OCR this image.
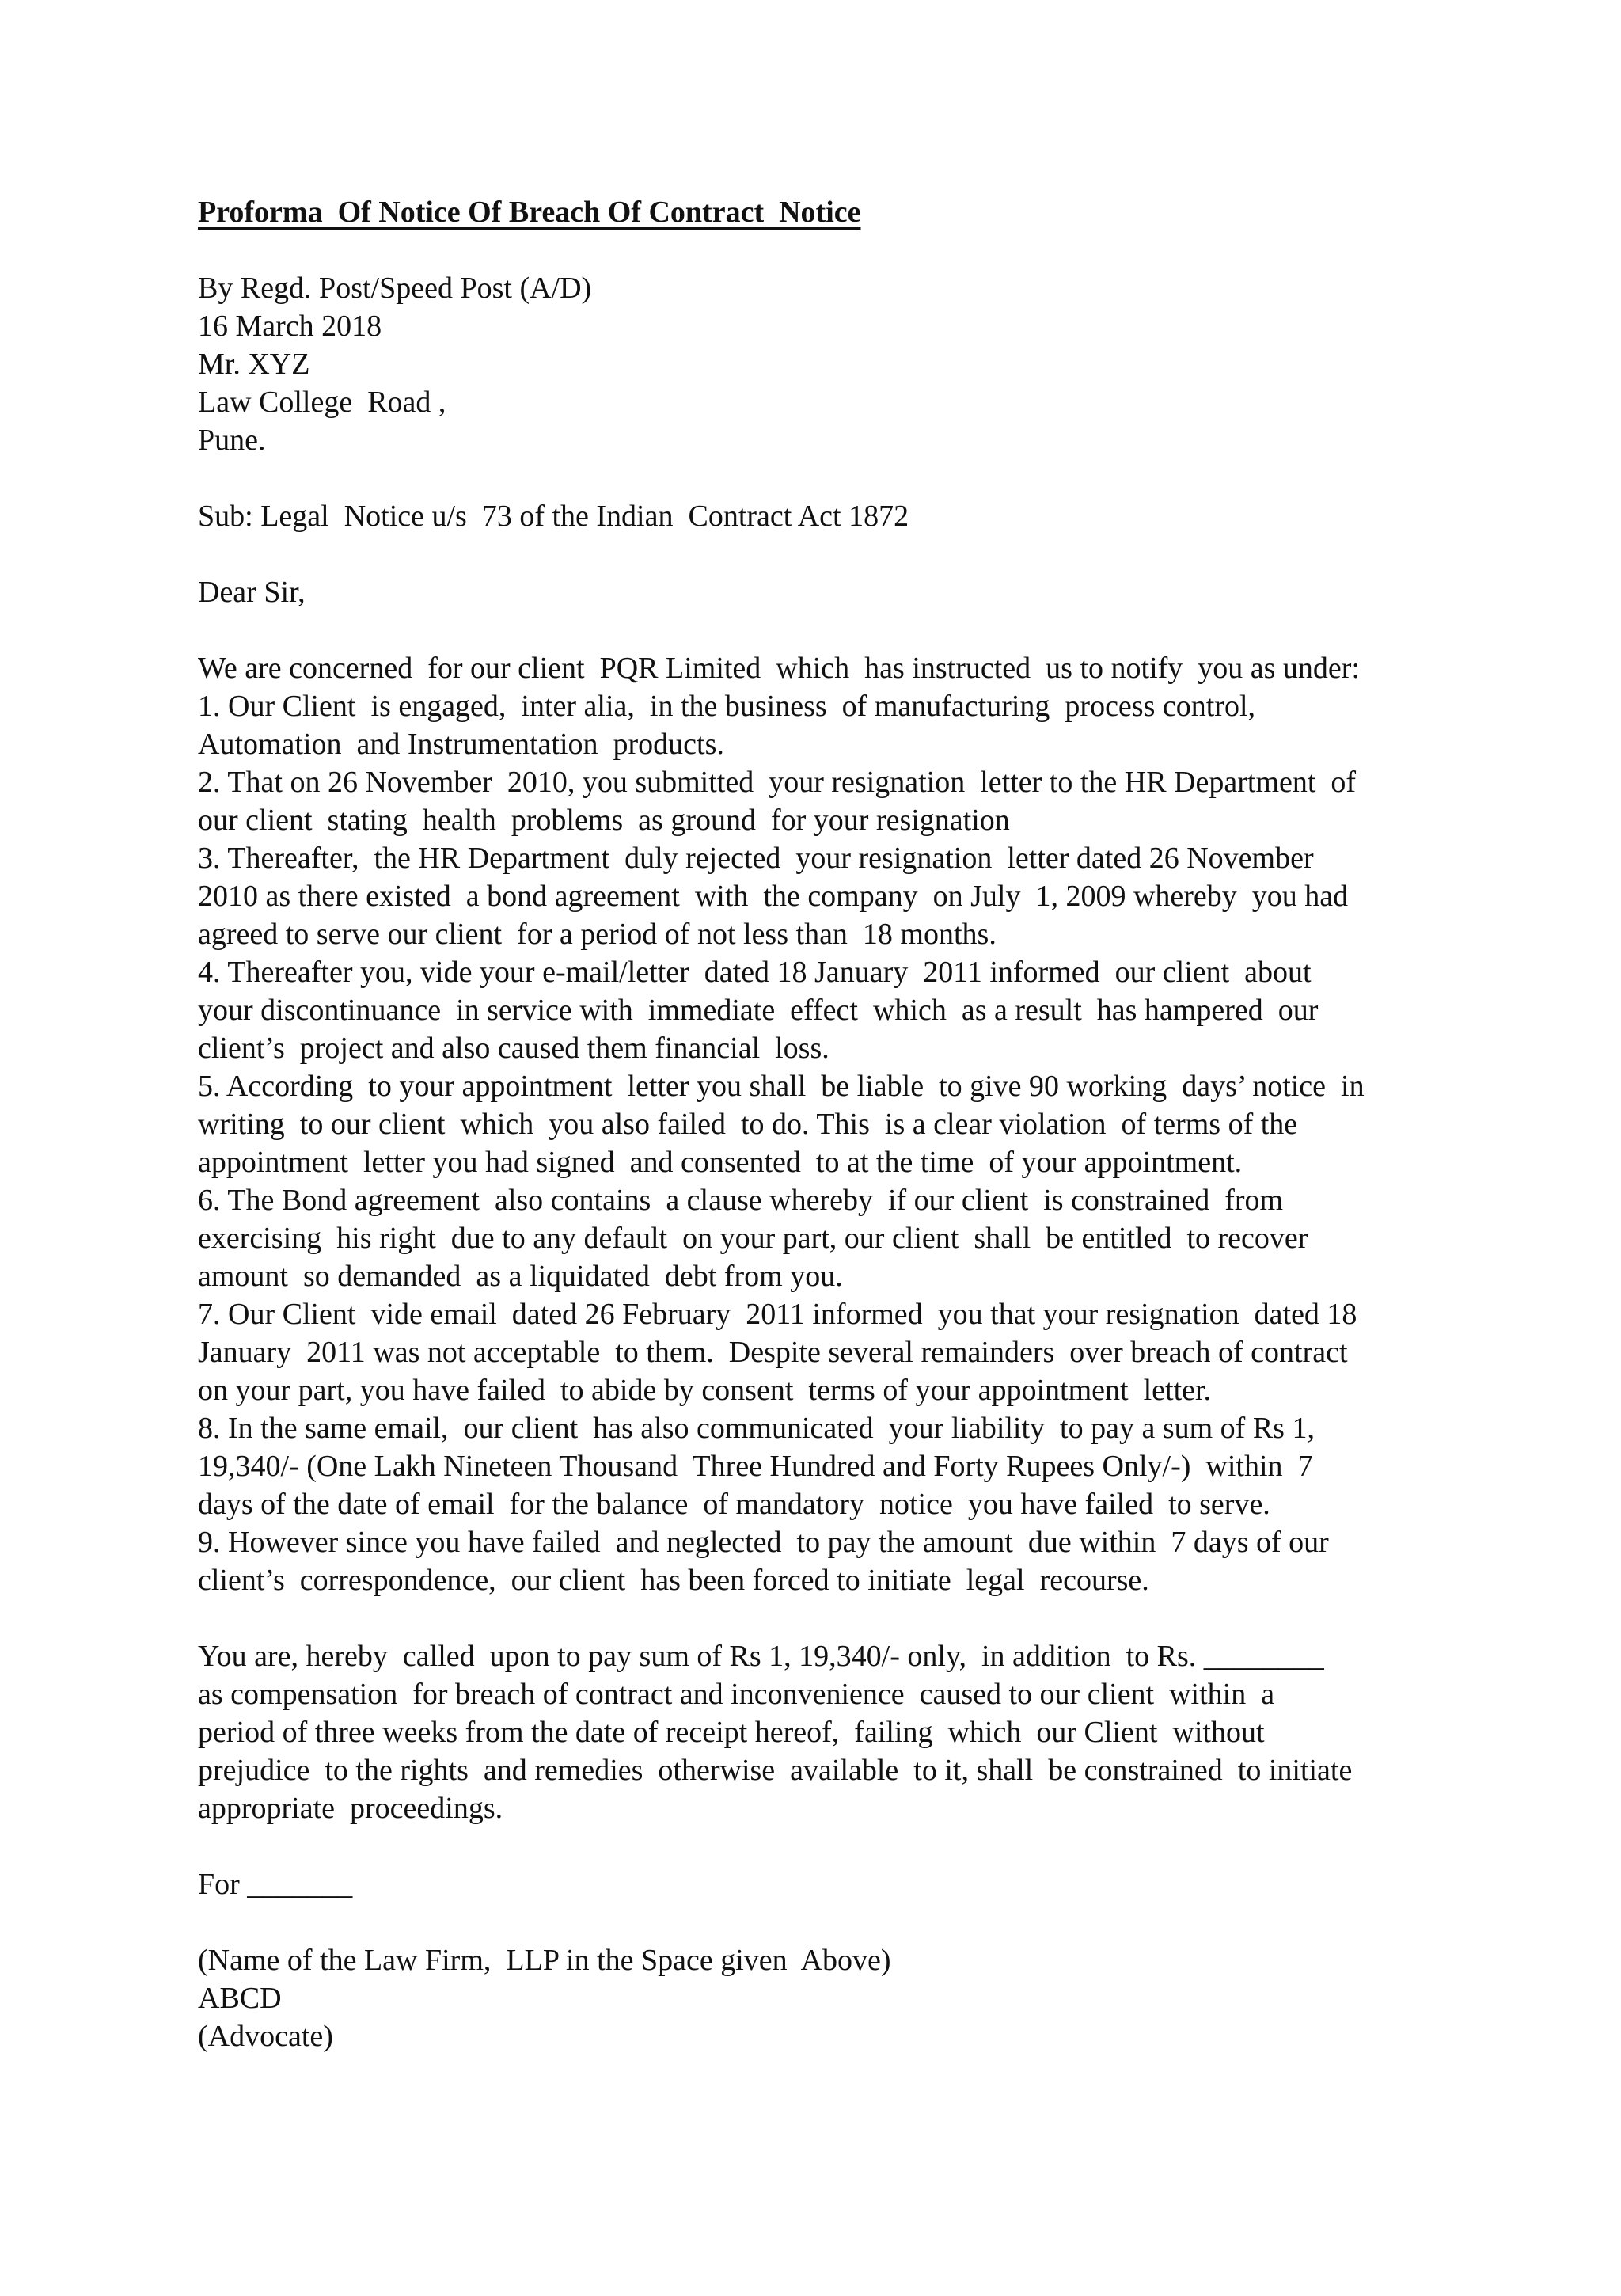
Proforma  Of Notice Of Breach Of Contract  Notice
By Regd. Post/Speed Post (A/D)
16 March 2018
Mr. XYZ
Law College  Road ,
Pune.
Sub: Legal  Notice u/s  73 of the Indian  Contract Act 1872
Dear Sir,
We are concerned  for our client  PQR Limited  which  has instructed  us to notify  you as under:
1. Our Client  is engaged,  inter alia,  in the business  of manufacturing  process control,
Automation  and Instrumentation  products.
2. That on 26 November  2010, you submitted  your resignation  letter to the HR Department  of
our client  stating  health  problems  as ground  for your resignation
3. Thereafter,  the HR Department  duly rejected  your resignation  letter dated 26 November
2010 as there existed  a bond agreement  with  the company  on July  1, 2009 whereby  you had
agreed to serve our client  for a period of not less than  18 months.
4. Thereafter you, vide your e-mail/letter  dated 18 January  2011 informed  our client  about
your discontinuance  in service with  immediate  effect  which  as a result  has hampered  our
client’s  project and also caused them financial  loss.
5. According  to your appointment  letter you shall  be liable  to give 90 working  days’ notice  in
writing  to our client  which  you also failed  to do. This  is a clear violation  of terms of the
appointment  letter you had signed  and consented  to at the time  of your appointment.
6. The Bond agreement  also contains  a clause whereby  if our client  is constrained  from
exercising  his right  due to any default  on your part, our client  shall  be entitled  to recover
amount  so demanded  as a liquidated  debt from you.
7. Our Client  vide email  dated 26 February  2011 informed  you that your resignation  dated 18
January  2011 was not acceptable  to them.  Despite several remainders  over breach of contract
on your part, you have failed  to abide by consent  terms of your appointment  letter.
8. In the same email,  our client  has also communicated  your liability  to pay a sum of Rs 1,
19,340/- (One Lakh Nineteen Thousand  Three Hundred and Forty Rupees Only/-)  within  7
days of the date of email  for the balance  of mandatory  notice  you have failed  to serve.
9. However since you have failed  and neglected  to pay the amount  due within  7 days of our
client’s  correspondence,  our client  has been forced to initiate  legal  recourse.
You are, hereby  called  upon to pay sum of Rs 1, 19,340/- only,  in addition  to Rs. ________
as compensation  for breach of contract and inconvenience  caused to our client  within  a
period of three weeks from the date of receipt hereof,  failing  which  our Client  without
prejudice  to the rights  and remedies  otherwise  available  to it, shall  be constrained  to initiate
appropriate  proceedings.
For _______
(Name of the Law Firm,  LLP in the Space given  Above)
ABCD
(Advocate)
